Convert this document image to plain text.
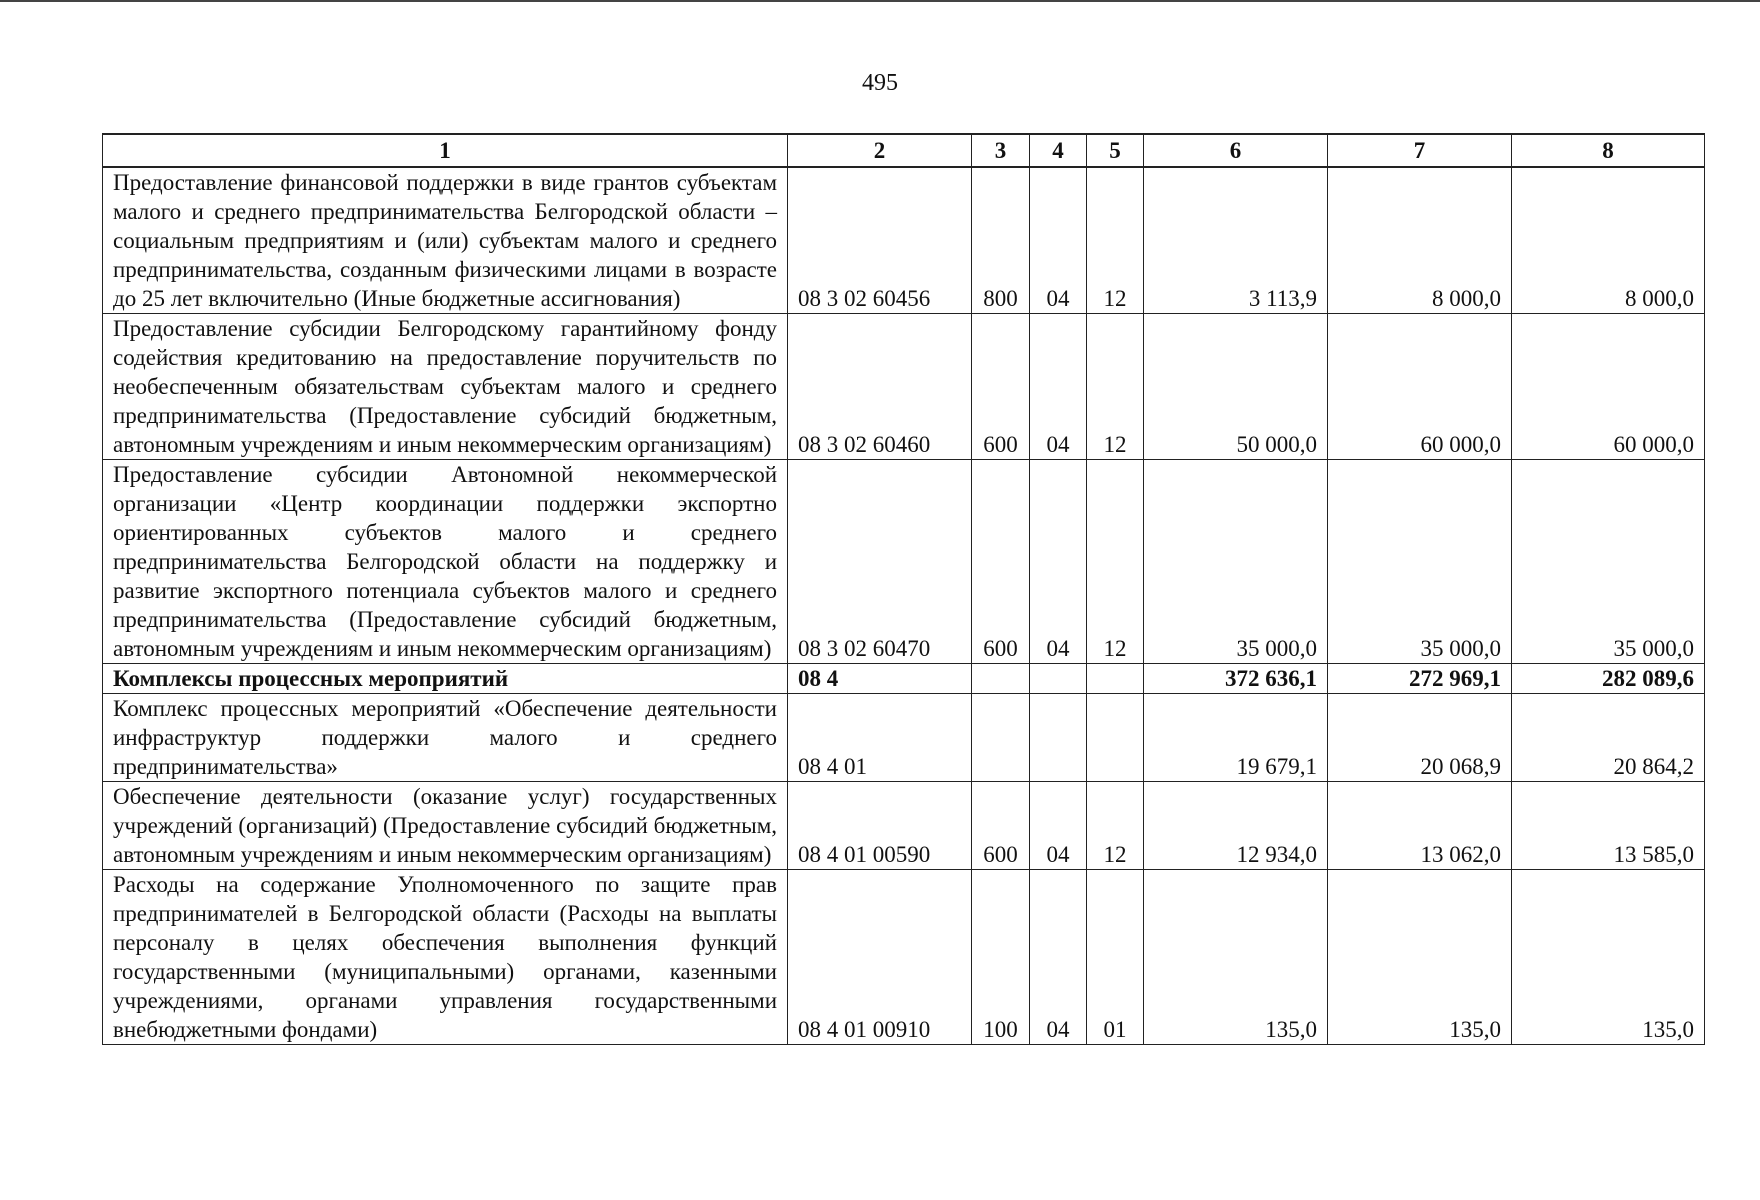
495
1	2	3	4	5	6	7	8
Предоставление финансовой поддержки в виде грантов субъектам малого и среднего предпринимательства Белгородской области – социальным предприятиям и (или) субъектам малого и среднего предпринимательства, созданным физическими лицами в возрасте до 25 лет включительно (Иные бюджетные ассигнования)	08 3 02 60456	800	04	12	3 113,9	8 000,0	8 000,0
Предоставление субсидии Белгородскому гарантийному фонду содействия кредитованию на предоставление поручительств по необеспеченным обязательствам субъектам малого и среднего предпринимательства (Предоставление субсидий бюджетным, автономным учреждениям и иным некоммерческим организациям)	08 3 02 60460	600	04	12	50 000,0	60 000,0	60 000,0
Предоставление субсидии Автономной некоммерческой организации «Центр координации поддержки экспортно ориентированных субъектов малого и среднего предпринимательства Белгородской области на поддержку и развитие экспортного потенциала субъектов малого и среднего предпринимательства (Предоставление субсидий бюджетным, автономным учреждениям и иным некоммерческим организациям)	08 3 02 60470	600	04	12	35 000,0	35 000,0	35 000,0
Комплексы процессных мероприятий	08 4				372 636,1	272 969,1	282 089,6
Комплекс процессных мероприятий «Обеспечение деятельности инфраструктур поддержки малого и среднего предпринимательства»	08 4 01				19 679,1	20 068,9	20 864,2
Обеспечение деятельности (оказание услуг) государственных учреждений (организаций) (Предоставление субсидий бюджетным, автономным учреждениям и иным некоммерческим организациям)	08 4 01 00590	600	04	12	12 934,0	13 062,0	13 585,0
Расходы на содержание Уполномоченного по защите прав предпринимателей в Белгородской области (Расходы на выплаты персоналу в целях обеспечения выполнения функций государственными (муниципальными) органами, казенными учреждениями, органами управления государственными внебюджетными фондами)	08 4 01 00910	100	04	01	135,0	135,0	135,0
